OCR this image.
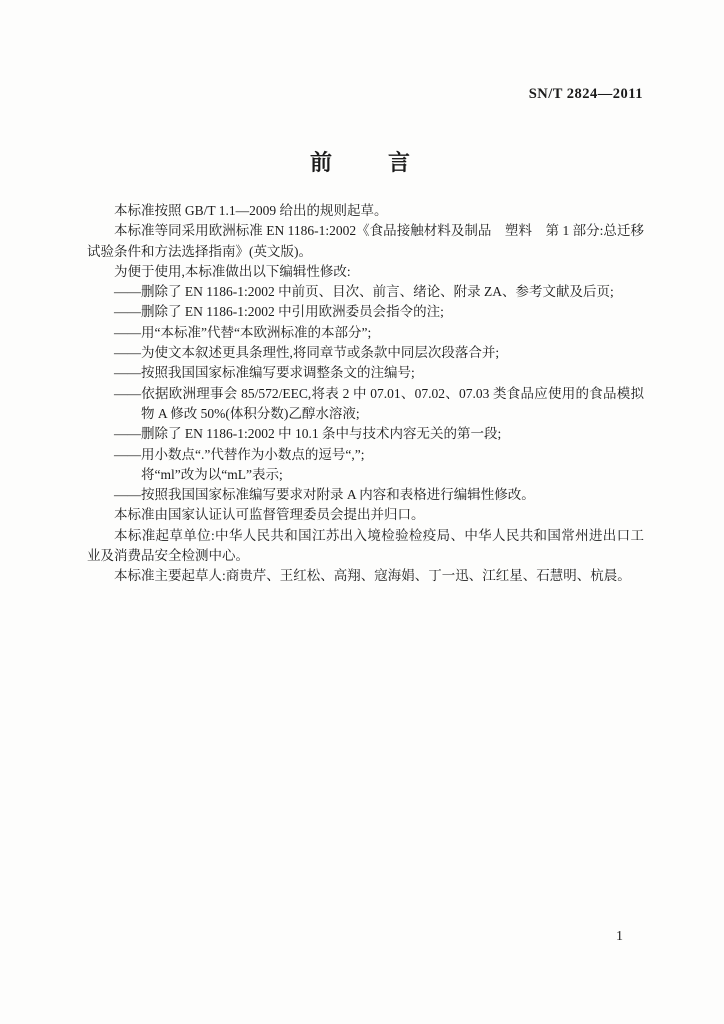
SN/T 2824—2011
前　　言

本标准按照 GB/T 1.1—2009 给出的规则起草。

本标准等同采用欧洲标准 EN 1186-1:2002《食品接触材料及制品　塑料　第 1 部分:总迁移试验条件和方法选择指南》(英文版)。

为便于使用,本标准做出以下编辑性修改:

——删除了 EN 1186-1:2002 中前页、目次、前言、绪论、附录 ZA、参考文献及后页;

——删除了 EN 1186-1:2002 中引用欧洲委员会指令的注;

——用“本标准”代替“本欧洲标准的本部分”;

——为使文本叙述更具条理性,将同章节或条款中同层次段落合并;

——按照我国国家标准编写要求调整条文的注编号;

——依据欧洲理事会 85/572/EEC,将表 2 中 07.01、07.02、07.03 类食品应使用的食品模拟物 A 修改 50%(体积分数)乙醇水溶液;

——删除了 EN 1186-1:2002 中 10.1 条中与技术内容无关的第一段;

——用小数点“.”代替作为小数点的逗号“,”;

将“ml”改为以“mL”表示;

——按照我国国家标准编写要求对附录 A 内容和表格进行编辑性修改。

本标准由国家认证认可监督管理委员会提出并归口。

本标准起草单位:中华人民共和国江苏出入境检验检疫局、中华人民共和国常州进出口工业及消费品安全检测中心。

本标准主要起草人:商贵芹、王红松、高翔、寇海娟、丁一迅、江红星、石慧明、杭晨。

1
